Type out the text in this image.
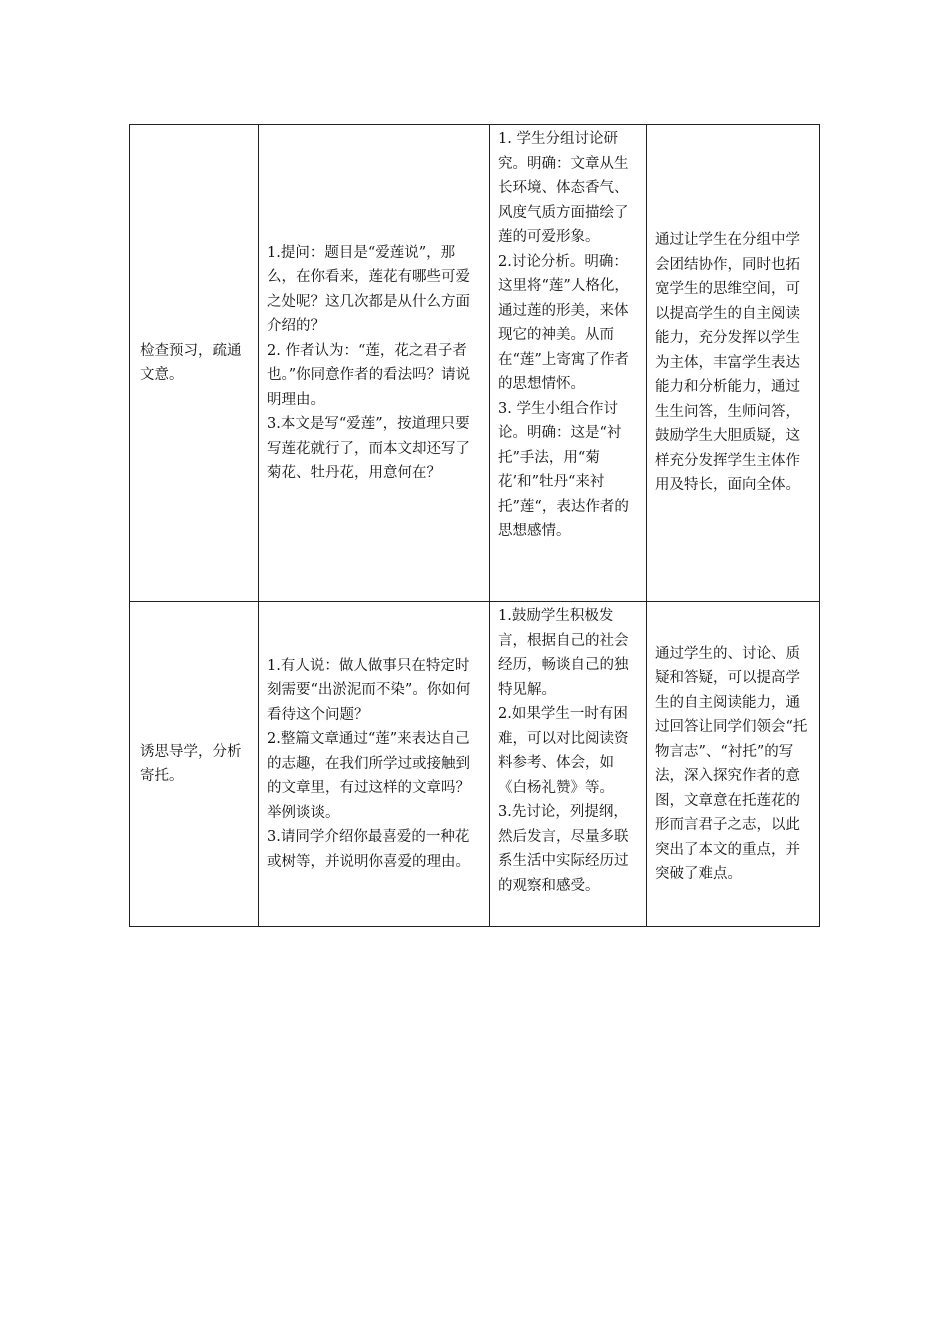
检查预习，疏通文意。	1.提问：题目是“爱莲说”，那么，在你看来，莲花有哪些可爱之处呢？这几次都是从什么方面介绍的？
2. 作者认为：“莲，花之君子者也。”你同意作者的看法吗？请说明理由。
3.本文是写“爱莲”，按道理只要写莲花就行了，而本文却还写了菊花、牡丹花，用意何在？	1. 学生分组讨论研究。明确：文章从生长环境、体态香气、风度气质方面描绘了莲的可爱形象。
2.讨论分析。明确：这里将“莲”人格化，通过莲的形美，来体现它的神美。从而在“莲”上寄寓了作者的思想情怀。
3. 学生小组合作讨论。明确：这是“衬托”手法，用“菊花’和”牡丹“来衬托”莲“，表达作者的思想感情。	通过让学生在分组中学会团结协作，同时也拓宽学生的思维空间，可以提高学生的自主阅读能力，充分发挥以学生为主体，丰富学生表达能力和分析能力，通过生生问答，生师问答，鼓励学生大胆质疑，这样充分发挥学生主体作用及特长，面向全体。
诱思导学，分析寄托。	1.有人说：做人做事只在特定时刻需要“出淤泥而不染”。你如何看待这个问题？
2.整篇文章通过“莲”来表达自己的志趣，在我们所学过或接触到的文章里，有过这样的文章吗？举例谈谈。
3.请同学介绍你最喜爱的一种花或树等，并说明你喜爱的理由。	1.鼓励学生积极发言，根据自己的社会经历，畅谈自己的独特见解。
2.如果学生一时有困难，可以对比阅读资料参考、体会，如《白杨礼赞》等。
3.先讨论，列提纲，然后发言，尽量多联系生活中实际经历过的观察和感受。	通过学生的、讨论、质疑和答疑，可以提高学生的自主阅读能力，通过回答让同学们领会“托物言志”、“衬托”的写法，深入探究作者的意图，文章意在托莲花的形而言君子之志，以此突出了本文的重点，并突破了难点。
